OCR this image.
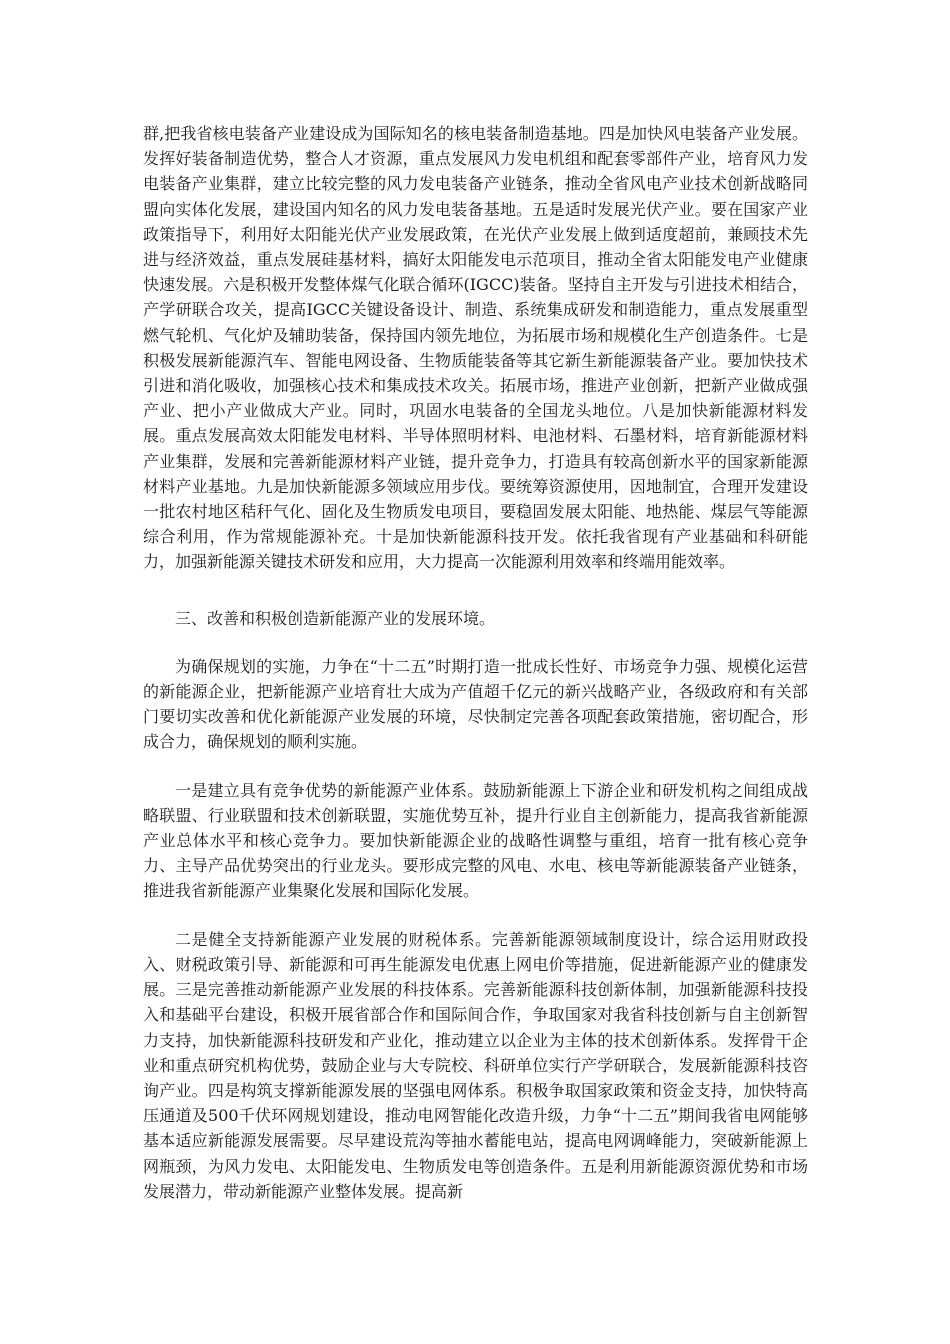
群,把我省核电装备产业建设成为国际知名的核电装备制造基地。四是加快风电装备产业发展。发挥好装备制造优势，整合人才资源，重点发展风力发电机组和配套零部件产业，培育风力发电装备产业集群，建立比较完整的风力发电装备产业链条，推动全省风电产业技术创新战略同盟向实体化发展，建设国内知名的风力发电装备基地。五是适时发展光伏产业。要在国家产业政策指导下，利用好太阳能光伏产业发展政策，在光伏产业发展上做到适度超前，兼顾技术先进与经济效益，重点发展硅基材料，搞好太阳能发电示范项目，推动全省太阳能发电产业健康快速发展。六是积极开发整体煤气化联合循环(IGCC)装备。坚持自主开发与引进技术相结合，产学研联合攻关，提高IGCC关键设备设计、制造、系统集成研发和制造能力，重点发展重型燃气轮机、气化炉及辅助装备，保持国内领先地位，为拓展市场和规模化生产创造条件。七是积极发展新能源汽车、智能电网设备、生物质能装备等其它新生新能源装备产业。要加快技术引进和消化吸收，加强核心技术和集成技术攻关。拓展市场，推进产业创新，把新产业做成强产业、把小产业做成大产业。同时，巩固水电装备的全国龙头地位。八是加快新能源材料发展。重点发展高效太阳能发电材料、半导体照明材料、电池材料、石墨材料，培育新能源材料产业集群，发展和完善新能源材料产业链，提升竞争力，打造具有较高创新水平的国家新能源材料产业基地。九是加快新能源多领域应用步伐。要统筹资源使用，因地制宜，合理开发建设一批农村地区秸秆气化、固化及生物质发电项目，要稳固发展太阳能、地热能、煤层气等能源综合利用，作为常规能源补充。十是加快新能源科技开发。依托我省现有产业基础和科研能力，加强新能源关键技术研发和应用，大力提高一次能源利用效率和终端用能效率。

三、改善和积极创造新能源产业的发展环境。

为确保规划的实施，力争在“十二五”时期打造一批成长性好、市场竞争力强、规模化运营的新能源企业，把新能源产业培育壮大成为产值超千亿元的新兴战略产业，各级政府和有关部门要切实改善和优化新能源产业发展的环境，尽快制定完善各项配套政策措施，密切配合，形成合力，确保规划的顺利实施。

一是建立具有竞争优势的新能源产业体系。鼓励新能源上下游企业和研发机构之间组成战略联盟、行业联盟和技术创新联盟，实施优势互补，提升行业自主创新能力，提高我省新能源产业总体水平和核心竞争力。要加快新能源企业的战略性调整与重组，培育一批有核心竞争力、主导产品优势突出的行业龙头。要形成完整的风电、水电、核电等新能源装备产业链条，推进我省新能源产业集聚化发展和国际化发展。

二是健全支持新能源产业发展的财税体系。完善新能源领域制度设计，综合运用财政投入、财税政策引导、新能源和可再生能源发电优惠上网电价等措施，促进新能源产业的健康发展。三是完善推动新能源产业发展的科技体系。完善新能源科技创新体制，加强新能源科技投入和基础平台建设，积极开展省部合作和国际间合作，争取国家对我省科技创新与自主创新智力支持，加快新能源科技研发和产业化，推动建立以企业为主体的技术创新体系。发挥骨干企业和重点研究机构优势，鼓励企业与大专院校、科研单位实行产学研联合，发展新能源科技咨询产业。四是构筑支撑新能源发展的坚强电网体系。积极争取国家政策和资金支持，加快特高压通道及500千伏环网规划建设，推动电网智能化改造升级，力争“十二五”期间我省电网能够基本适应新能源发展需要。尽早建设荒沟等抽水蓄能电站，提高电网调峰能力，突破新能源上网瓶颈，为风力发电、太阳能发电、生物质发电等创造条件。五是利用新能源资源优势和市场发展潜力，带动新能源产业整体发展。提高新
